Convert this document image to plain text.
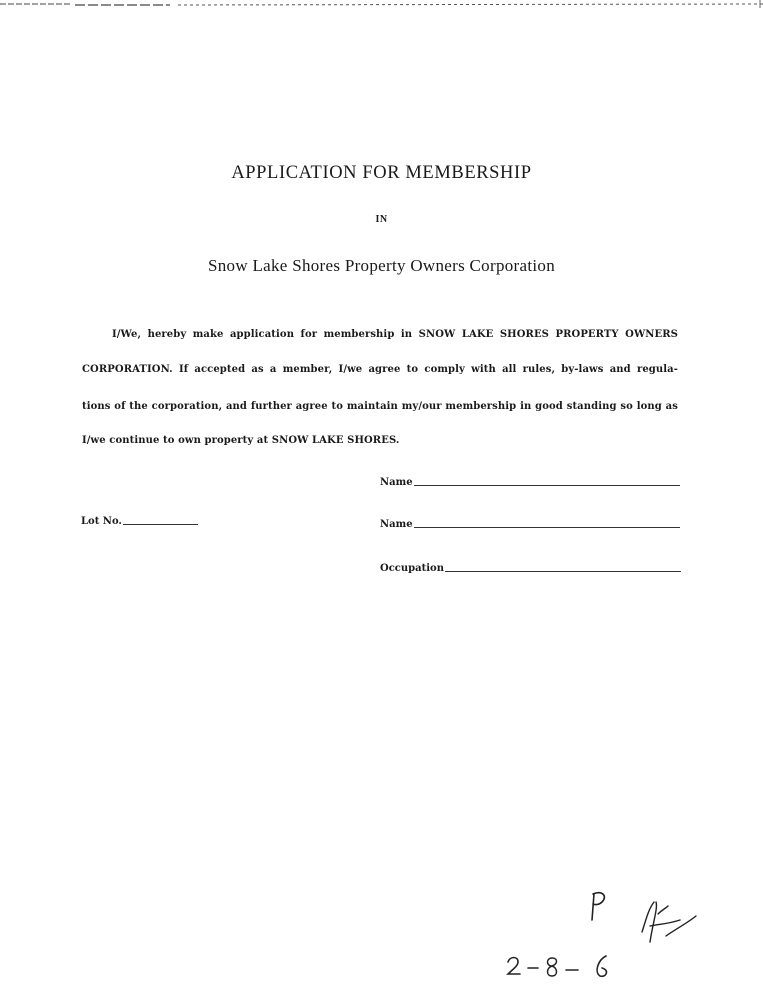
APPLICATION FOR MEMBERSHIP
IN
Snow Lake Shores Property Owners Corporation
I/We, hereby make application for membership in SNOW LAKE SHORES PROPERTY OWNERS
CORPORATION. If accepted as a member, I/we agree to comply with all rules, by-laws and regula-
tions of the corporation, and further agree to maintain my/our membership in good standing so long as
I/we continue to own property at SNOW LAKE SHORES.
Name
Lot No.	Name
Occupation
